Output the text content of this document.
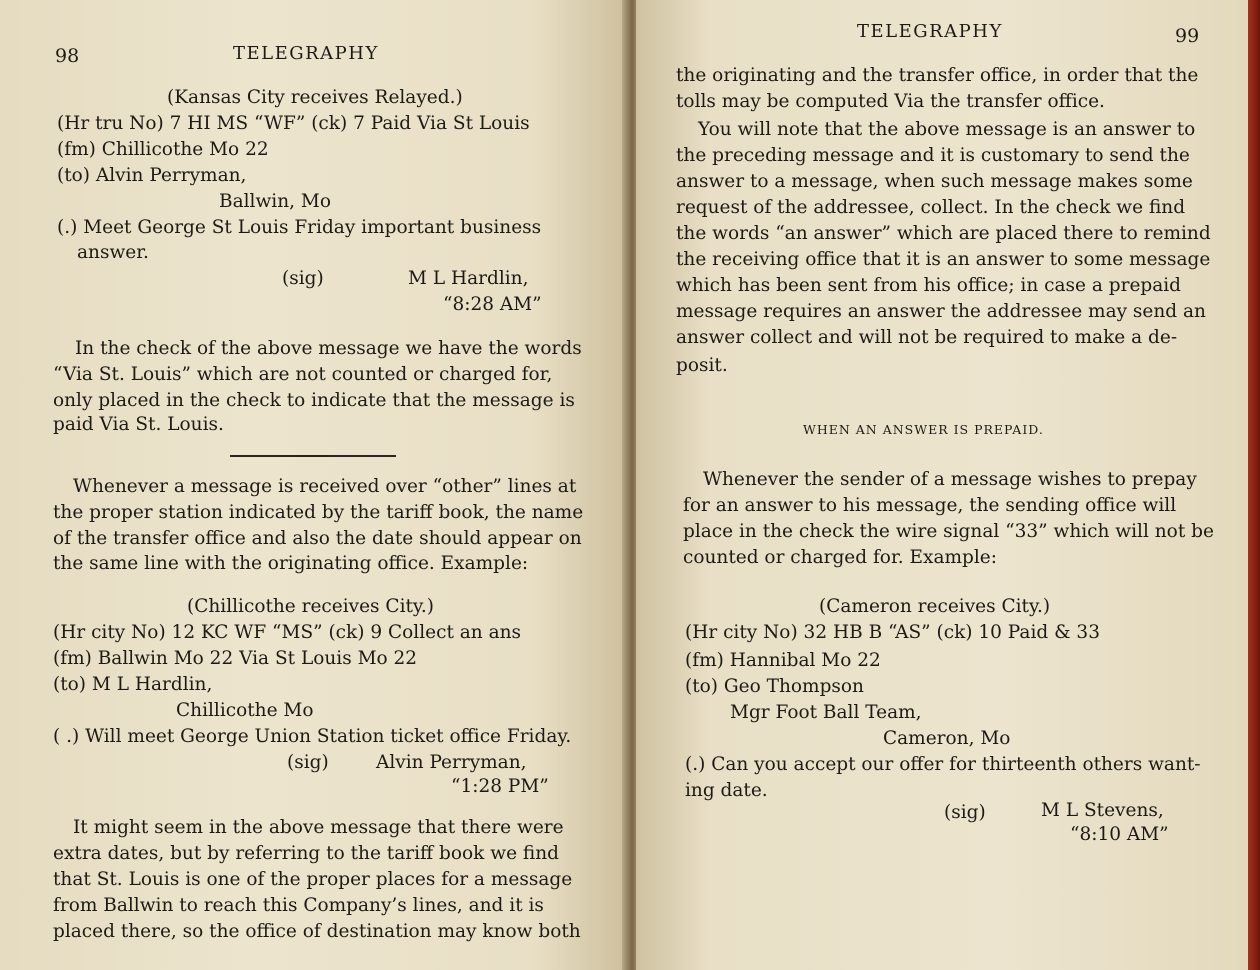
98	TELEGRAPHY
(Kansas City receives Relayed.)
(Hr tru No) 7 HI MS “WF” (ck) 7 Paid Via St Louis
(fm) Chillicothe Mo 22
(to) Alvin Perryman,
Ballwin, Mo
(.) Meet George St Louis Friday important business
answer.
(sig)	M L Hardlin,
“8:28 AM”
In the check of the above message we have the words
“Via St. Louis” which are not counted or charged for,
only placed in the check to indicate that the message is
paid Via St. Louis.
Whenever a message is received over “other” lines at
the proper station indicated by the tariff book, the name
of the transfer office and also the date should appear on
the same line with the originating office. Example:
(Chillicothe receives City.)
(Hr city No) 12 KC WF “MS” (ck) 9 Collect an ans
(fm) Ballwin Mo 22 Via St Louis Mo 22
(to) M L Hardlin,
Chillicothe Mo
( .) Will meet George Union Station ticket office Friday.
(sig)	Alvin Perryman,
“1:28 PM”
It might seem in the above message that there were
extra dates, but by referring to the tariff book we find
that St. Louis is one of the proper places for a message
from Ballwin to reach this Company’s lines, and it is
placed there, so the office of destination may know both
TELEGRAPHY	99
the originating and the transfer office, in order that the
tolls may be computed Via the transfer office.
You will note that the above message is an answer to
the preceding message and it is customary to send the
answer to a message, when such message makes some
request of the addressee, collect. In the check we find
the words “an answer” which are placed there to remind
the receiving office that it is an answer to some message
which has been sent from his office; in case a prepaid
message requires an answer the addressee may send an
answer collect and will not be required to make a de-
posit.
WHEN AN ANSWER IS PREPAID.
Whenever the sender of a message wishes to prepay
for an answer to his message, the sending office will
place in the check the wire signal “33” which will not be
counted or charged for. Example:
(Cameron receives City.)
(Hr city No) 32 HB B “AS” (ck) 10 Paid & 33
(fm) Hannibal Mo 22
(to) Geo Thompson
Mgr Foot Ball Team,
Cameron, Mo
(.) Can you accept our offer for thirteenth others want-
ing date.
(sig)	M L Stevens,
“8:10 AM”
